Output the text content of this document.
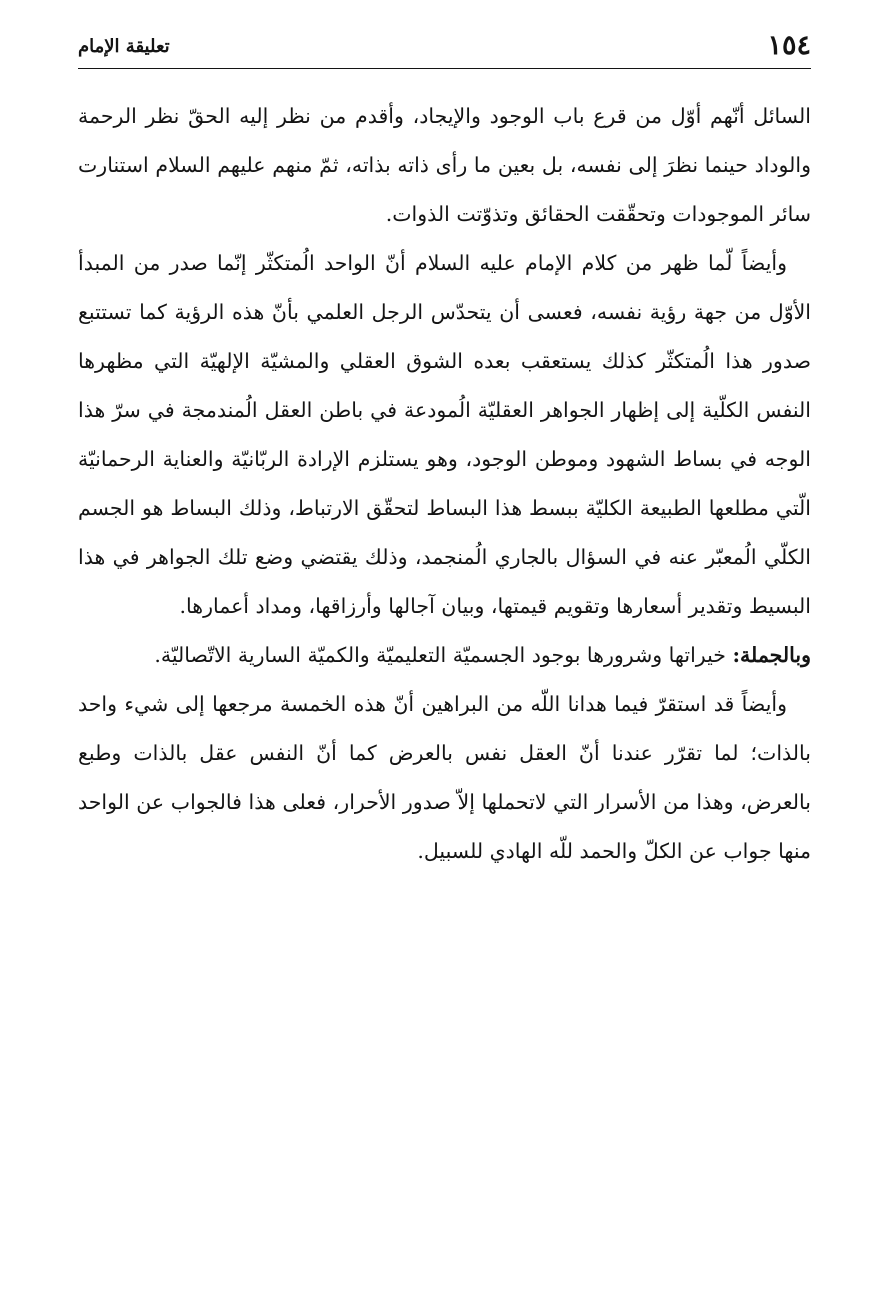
١٥٤
تعليقة الإمام

السائل أنّهم أوّل من قرع باب الوجود والإيجاد، وأقدم من نظر إليه الحقّ نظر الرحمة والوداد حينما نظرَ إلى نفسه، بل بعين ما رأى ذاته بذاته، ثمّ منهم عليهم السلام استنارت سائر الموجودات وتحقّقت الحقائق وتذوّتت الذوات.

وأيضاً لّما ظهر من كلام الإمام عليه السلام أنّ الواحد الُمتكثّر إنّما صدر من المبدأ الأوّل من جهة رؤية نفسه، فعسى أن يتحدّس الرجل العلمي بأنّ هذه الرؤية كما تستتبع صدور هذا الُمتكثّر كذلك يستعقب بعده الشوق العقلي والمشيّة الإلهيّة التي مظهرها النفس الكلّية إلى إظهار الجواهر العقليّة الُمودعة في باطن العقل الُمندمجة في سرّ هذا الوجه في بساط الشهود وموطن الوجود، وهو يستلزم الإرادة الربّانيّة والعناية الرحمانيّة الّتي مطلعها الطبيعة الكليّة ببسط هذا البساط لتحقّق الارتباط، وذلك البساط هو الجسم الكلّي الُمعبّر عنه في السؤال بالجاري الُمنجمد، وذلك يقتضي وضع تلك الجواهر في هذا البسيط وتقدير أسعارها وتقويم قيمتها، وبيان آجالها وأرزاقها، ومداد أعمارها.

وبالجملة: خيراتها وشرورها بوجود الجسميّة التعليميّة والكميّة السارية الاتّصاليّة.

وأيضاً قد استقرّ فيما هدانا اللّه من البراهين أنّ هذه الخمسة مرجعها إلى شيء واحد بالذات؛ لما تقرّر عندنا أنّ العقل نفس بالعرض كما أنّ النفس عقل بالذات وطبع بالعرض، وهذا من الأسرار التي لاتحملها إلاّ صدور الأحرار، فعلى هذا فالجواب عن الواحد منها جواب عن الكلّ والحمد للّه الهادي للسبيل.
